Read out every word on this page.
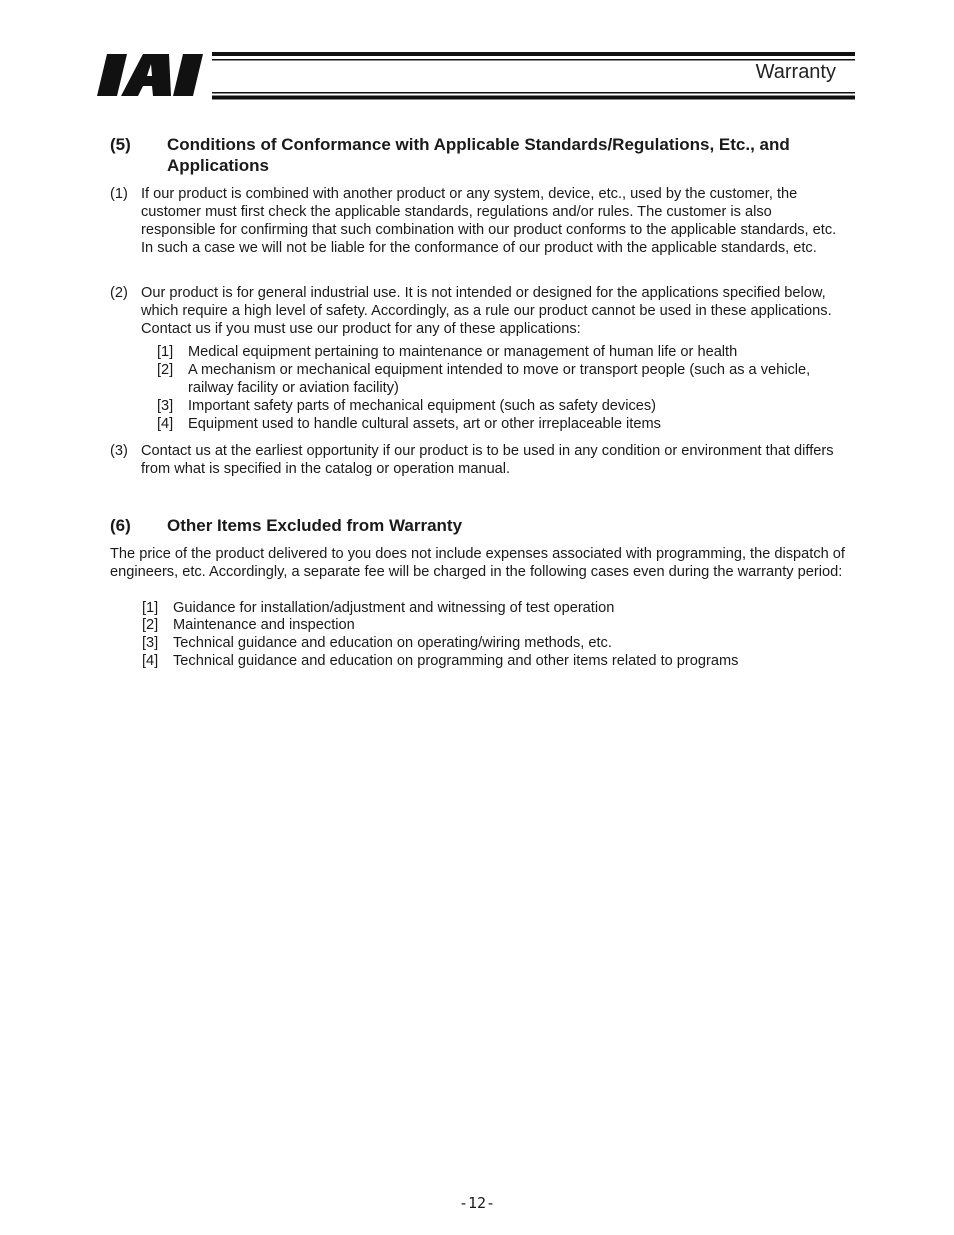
Warranty
(5) Conditions of Conformance with Applicable Standards/Regulations, Etc., and Applications
(1) If our product is combined with another product or any system, device, etc., used by the customer, the customer must first check the applicable standards, regulations and/or rules. The customer is also responsible for confirming that such combination with our product conforms to the applicable standards, etc. In such a case we will not be liable for the conformance of our product with the applicable standards, etc.
(2) Our product is for general industrial use. It is not intended or designed for the applications specified below, which require a high level of safety. Accordingly, as a rule our product cannot be used in these applications. Contact us if you must use our product for any of these applications:
[1] Medical equipment pertaining to maintenance or management of human life or health
[2] A mechanism or mechanical equipment intended to move or transport people (such as a vehicle, railway facility or aviation facility)
[3] Important safety parts of mechanical equipment (such as safety devices)
[4] Equipment used to handle cultural assets, art or other irreplaceable items
(3) Contact us at the earliest opportunity if our product is to be used in any condition or environment that differs from what is specified in the catalog or operation manual.
(6) Other Items Excluded from Warranty
The price of the product delivered to you does not include expenses associated with programming, the dispatch of engineers, etc. Accordingly, a separate fee will be charged in the following cases even during the warranty period:
[1] Guidance for installation/adjustment and witnessing of test operation
[2] Maintenance and inspection
[3] Technical guidance and education on operating/wiring methods, etc.
[4] Technical guidance and education on programming and other items related to programs
-12-
